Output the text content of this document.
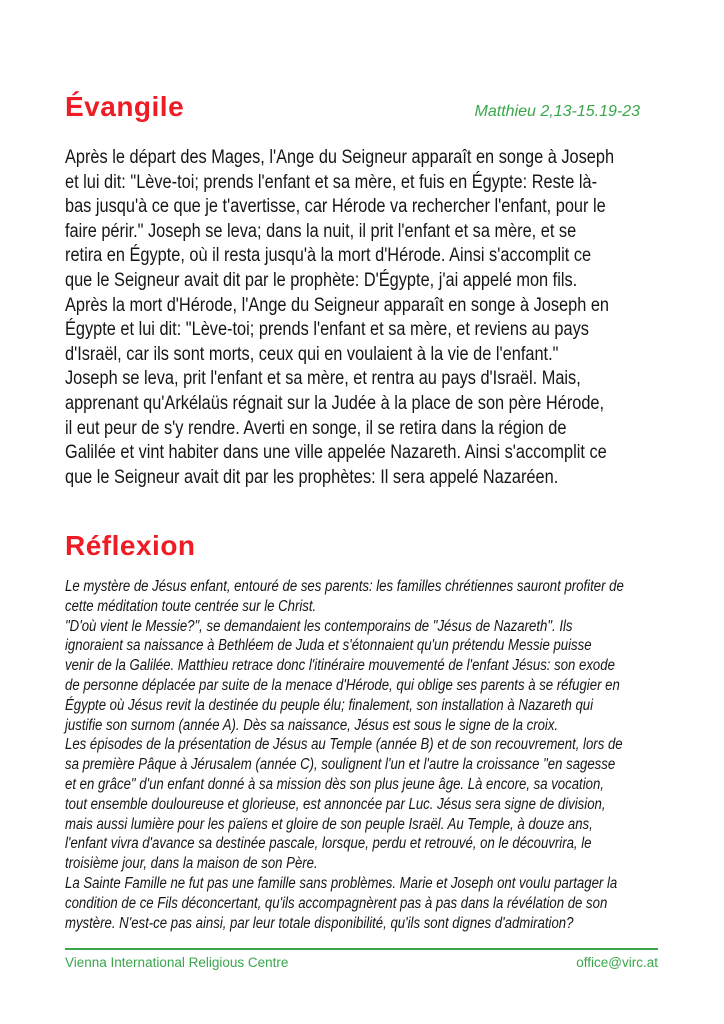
Évangile	Matthieu 2,13-15.19-23
Après le départ des Mages, l'Ange du Seigneur apparaît en songe à Joseph
et lui dit: "Lève-toi; prends l'enfant et sa mère, et fuis en Égypte: Reste là-
bas jusqu'à ce que je t'avertisse, car Hérode va rechercher l'enfant, pour le
faire périr." Joseph se leva; dans la nuit, il prit l'enfant et sa mère, et se
retira en Égypte, où il resta jusqu'à la mort d'Hérode. Ainsi s'accomplit ce
que le Seigneur avait dit par le prophète: D'Égypte, j'ai appelé mon fils.
Après la mort d'Hérode, l'Ange du Seigneur apparaît en songe à Joseph en
Égypte et lui dit: "Lève-toi; prends l'enfant et sa mère, et reviens au pays
d'Israël, car ils sont morts, ceux qui en voulaient à la vie de l'enfant."
Joseph se leva, prit l'enfant et sa mère, et rentra au pays d'Israël. Mais,
apprenant qu'Arkélaüs régnait sur la Judée à la place de son père Hérode,
il eut peur de s'y rendre. Averti en songe, il se retira dans la région de
Galilée et vint habiter dans une ville appelée Nazareth. Ainsi s'accomplit ce
que le Seigneur avait dit par les prophètes: Il sera appelé Nazaréen.
Réflexion
Le mystère de Jésus enfant, entouré de ses parents: les familles chrétiennes sauront profiter de
cette méditation toute centrée sur le Christ.
"D'où vient le Messie?", se demandaient les contemporains de "Jésus de Nazareth". Ils
ignoraient sa naissance à Bethléem de Juda et s'étonnaient qu'un prétendu Messie puisse
venir de la Galilée. Matthieu retrace donc l'itinéraire mouvementé de l'enfant Jésus: son exode
de personne déplacée par suite de la menace d'Hérode, qui oblige ses parents à se réfugier en
Égypte où Jésus revit la destinée du peuple élu; finalement, son installation à Nazareth qui
justifie son surnom (année A). Dès sa naissance, Jésus est sous le signe de la croix.
Les épisodes de la présentation de Jésus au Temple (année B) et de son recouvrement, lors de
sa première Pâque à Jérusalem (année C), soulignent l'un et l'autre la croissance "en sagesse
et en grâce" d'un enfant donné à sa mission dès son plus jeune âge. Là encore, sa vocation,
tout ensemble douloureuse et glorieuse, est annoncée par Luc. Jésus sera signe de division,
mais aussi lumière pour les païens et gloire de son peuple Israël. Au Temple, à douze ans,
l'enfant vivra d'avance sa destinée pascale, lorsque, perdu et retrouvé, on le découvrira, le
troisième jour, dans la maison de son Père.
La Sainte Famille ne fut pas une famille sans problèmes. Marie et Joseph ont voulu partager la
condition de ce Fils déconcertant, qu'ils accompagnèrent pas à pas dans la révélation de son
mystère. N'est-ce pas ainsi, par leur totale disponibilité, qu'ils sont dignes d'admiration?
Vienna International Religious Centre	office@virc.at
